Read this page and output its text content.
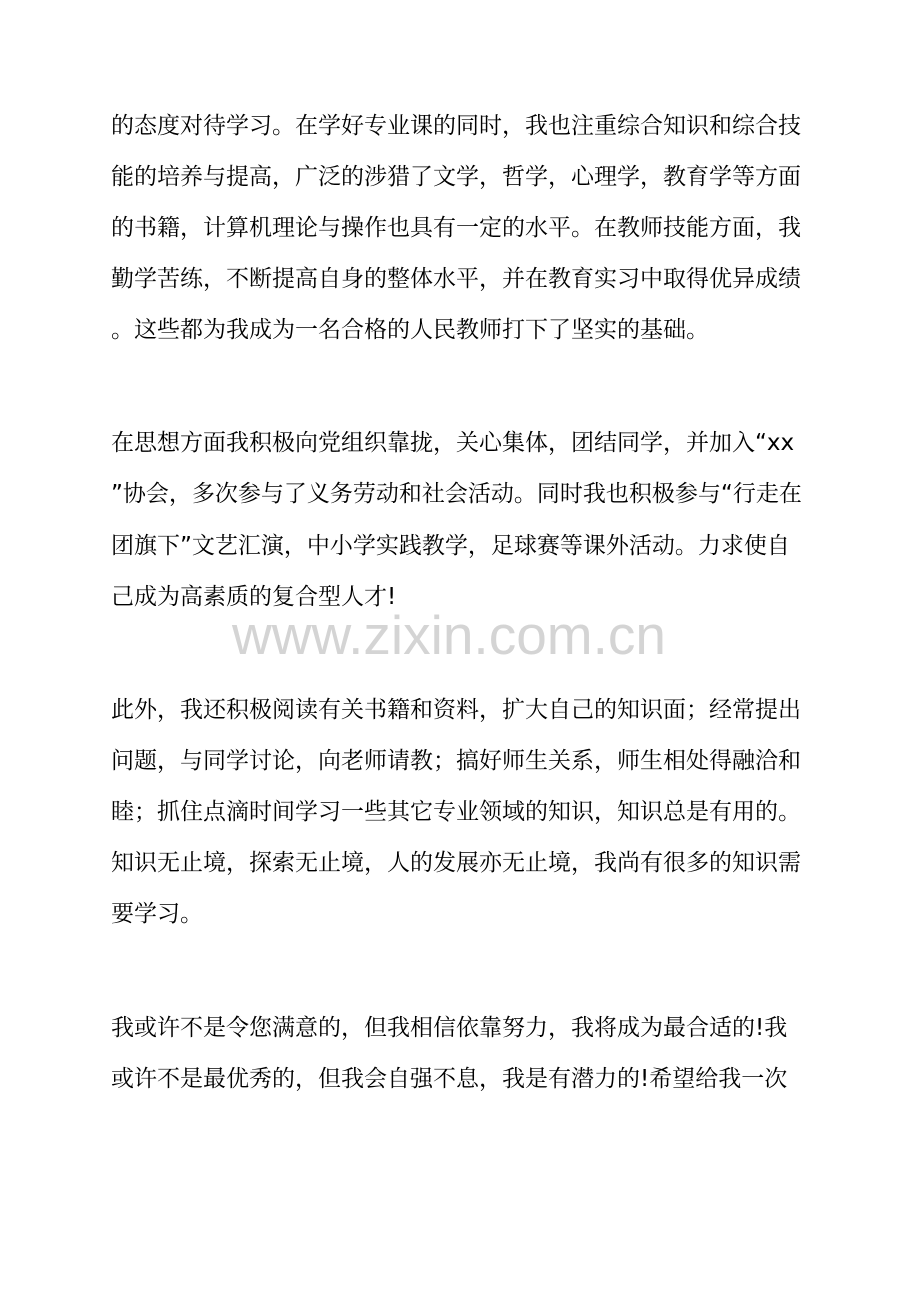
的态度对待学习。在学好专业课的同时，我也注重综合知识和综合技
能的培养与提高，广泛的涉猎了文学，哲学，心理学，教育学等方面
的书籍，计算机理论与操作也具有一定的水平。在教师技能方面，我
勤学苦练，不断提高自身的整体水平，并在教育实习中取得优异成绩
。这些都为我成为一名合格的人民教师打下了坚实的基础。
在思想方面我积极向党组织靠拢，关心集体，团结同学，并加入“xx
”协会，多次参与了义务劳动和社会活动。同时我也积极参与“行走在
团旗下”文艺汇演，中小学实践教学，足球赛等课外活动。力求使自
己成为高素质的复合型人才!
www.zixin.com.cn
此外，我还积极阅读有关书籍和资料，扩大自己的知识面；经常提出
问题，与同学讨论，向老师请教；搞好师生关系，师生相处得融洽和
睦；抓住点滴时间学习一些其它专业领域的知识，知识总是有用的。
知识无止境，探索无止境，人的发展亦无止境，我尚有很多的知识需
要学习。
我或许不是令您满意的，但我相信依靠努力，我将成为最合适的!我
或许不是最优秀的，但我会自强不息，我是有潜力的!希望给我一次
